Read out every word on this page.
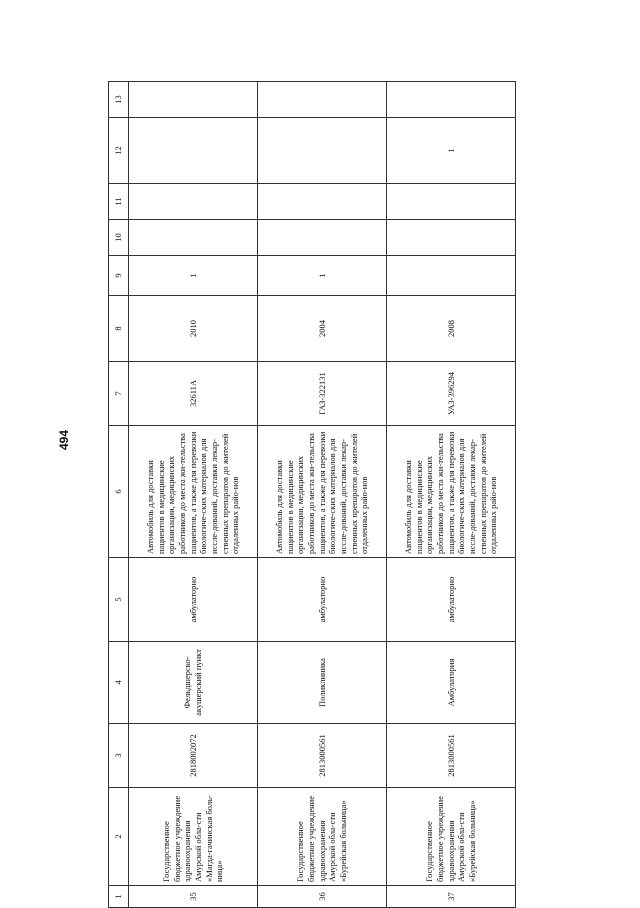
494
1	2	3	4	5	6	7	8	9	10	11	12	13
35	Государственное бюджетное учреждение здравоохранения Амурской обла-сти «Магда-гачинская боль-ница»	2818002072	Фельдшерско-акушерский пункт	амбулаторно	Автомобиль для доставки пациентов в медицинские организации, медицинских работников до места жи-тельства пациентов, а также для перевозки биологиче-ских материалов для иссле-дований, доставки лекар-ственных препаратов до жителей отдаленных райо-нов	32611А	2010	1				
36	Государственное бюджетное учреждение здравоохранения Амурской обла-сти «Бурейская больница»	2813000561	Поликлиника	амбулаторно	Автомобиль для доставки пациентов в медицинские организации, медицинских работников до места жи-тельства пациентов, а также для перевозки биологиче-ских материалов для иссле-дований, доставки лекар-ственных препаратов до жителей отдаленных райо-нов	ГАЗ-322131	2004	1				
37	Государственное бюджетное учреждение здравоохранения Амурской обла-сти «Бурейская больница»	2813000561	Амбулатория	амбулаторно	Автомобиль для доставки пациентов в медицинские организации, медицинских работников до места жи-тельства пациентов, а также для перевозки биологиче-ских материалов для иссле-дований, доставки лекар-ственных препаратов до жителей отдаленных райо-нов	УАЗ-396294	2008				1	
